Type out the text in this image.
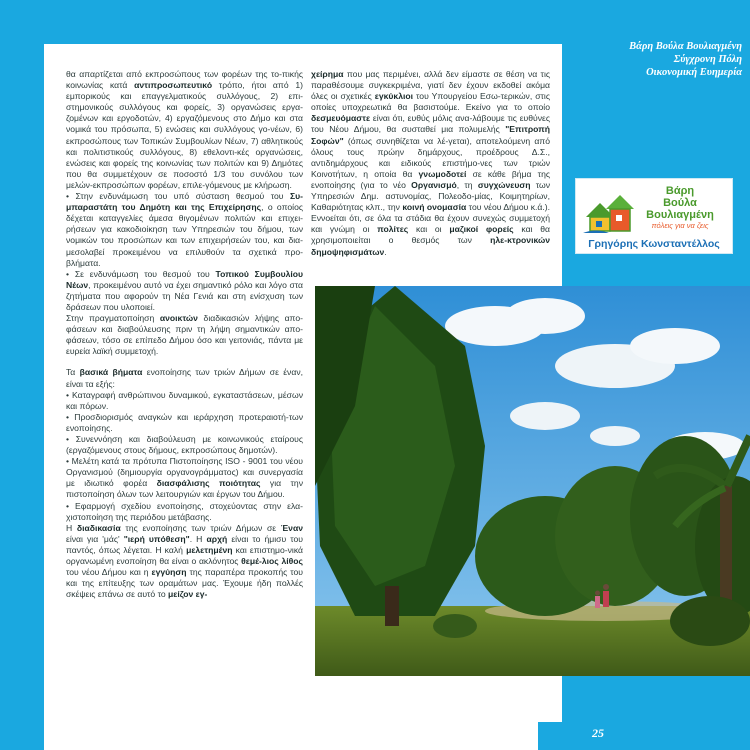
Βάρη Βούλα Βουλιαγμένη
Σύγχρονη Πόλη
Οικονομική Ευημερία
Βάρη
Βούλα
Βουλιαγμένη
πόλεις για να ζεις
Γρηγόρης Κωνσταντέλλος
25

θα απαρτίζεται από εκπροσώπους των φορέων της το-πικής κοινωνίας κατά αντιπροσωπευτικό τρόπο, ήτοι από 1) εμπορικούς και επαγγελματικούς συλλόγους, 2) επι-στημονικούς συλλόγους και φορείς, 3) οργανώσεις εργα-ζομένων και εργοδοτών, 4) εργαζόμενους στο Δήμο και στα νομικά του πρόσωπα, 5) ενώσεις και συλλόγους γο-νέων, 6) εκπροσώπους των Τοπικών Συμβουλίων Νέων, 7) αθλητικούς και πολιτιστικούς συλλόγους, 8) εθελοντι-κές οργανώσεις, ενώσεις και φορείς της κοινωνίας των πολιτών και 9) Δημότες που θα συμμετέχουν σε ποσοστό 1/3 του συνόλου των μελών-εκπροσώπων φορέων, επιλε-γόμενους με κλήρωση.

• Στην ενδυνάμωση του υπό σύσταση θεσμού του Συ-μπαραστάτη του Δημότη και της Επιχείρησης, ο οποίος δέχεται καταγγελίες άμεσα θιγομένων πολιτών και επιχει-ρήσεων για κακοδιοίκηση των Υπηρεσιών του δήμου, των νομικών του προσώπων και των επιχειρήσεών του, και δια-μεσολαβεί προκειμένου να επιλυθούν τα σχετικά προ-βλήματα.

• Σε ενδυνάμωση του θεσμού του Τοπικού Συμβουλίου Νέων, προκειμένου αυτό να έχει σημαντικό ρόλο και λόγο στα ζητήματα που αφορούν τη Νέα Γενιά και στη ενίσχυση των δράσεων που υλοποιεί.

Στην πραγματοποίηση ανοικτών διαδικασιών λήψης απο-φάσεων και διαβούλευσης πριν τη λήψη σημαντικών απο-φάσεων, τόσο σε επίπεδο Δήμου όσο και γειτονιάς, πάντα με ευρεία λαϊκή συμμετοχή.

Τα βασικά βήματα ενοποίησης των τριών Δήμων σε έναν, είναι τα εξής:

• Καταγραφή ανθρώπινου δυναμικού, εγκαταστάσεων, μέσων και πόρων.

• Προσδιορισμός αναγκών και ιεράρχηση προτεραιοτή-των ενοποίησης.

• Συνεννόηση και διαβούλευση με κοινωνικούς εταίρους (εργαζόμενους στους δήμους, εκπροσώπους δημοτών).

• Μελέτη κατά τα πρότυπα Πιστοποίησης ISO - 9001 του νέου Οργανισμού (δημιουργία οργανογράμματος) και συνεργασία με ιδιωτικό φορέα διασφάλισης ποιότητας για την πιστοποίηση όλων των λειτουργιών και έργων του Δήμου.

• Εφαρμογή σχεδίου ενοποίησης, στοχεύοντας στην ελα-χιστοποίηση της περιόδου μετάβασης.

Η διαδικασία της ενοποίησης των τριών Δήμων σε Έναν είναι για 'μάς' "ιερή υπόθεση". Η αρχή είναι το ήμισυ του παντός, όπως λέγεται. Η καλή μελετημένη και επιστημο-νικά οργανωμένη ενοποίηση θα είναι ο ακλόνητος θεμέ-λιος λίθος του νέου Δήμου και η εγγύηση της παραπέρα προκοπής του και της επίτευξης των οραμάτων μας. Έχουμε ήδη πολλές σκέψεις επάνω σε αυτό το μείζον εγ-

χείρημα που μας περιμένει, αλλά δεν είμαστε σε θέση να τις παραθέσουμε συγκεκριμένα, γιατί δεν έχουν εκδοθεί ακόμα όλες οι σχετικές εγκύκλιοι του Υπουργείου Εσω-τερικών, στις οποίες υποχρεωτικά θα βασιστούμε. Εκείνο για το οποίο δεσμευόμαστε είναι ότι, ευθύς μόλις ανα-λάβουμε τις ευθύνες του Νέου Δήμου, θα συσταθεί μια πολυμελής "Επιτροπή Σοφών" (όπως συνηθίζεται να λέ-γεται), αποτελούμενη από όλους τους πρώην δημάρχους, προέδρους Δ.Σ., αντιδημάρχους και ειδικούς επιστήμο-νες των τριών Κοινοτήτων, η οποία θα γνωμοδοτεί σε κάθε βήμα της ενοποίησης (για το νέο Οργανισμό, τη συγχώνευση των Υπηρεσιών Δημ. αστυνομίας, Πολεοδο-μίας, Κοιμητηρίων, Καθαριότητας κλπ., την κοινή ονομασία του νέου Δήμου κ.ά.). Εννοείται ότι, σε όλα τα στάδια θα έχουν συνεχώς συμμετοχή και γνώμη οι πολίτες και οι μαζικοί φορείς και θα χρησιμοποιείται ο θεσμός των ηλε-κτρονικών δημοψηφισμάτων.
